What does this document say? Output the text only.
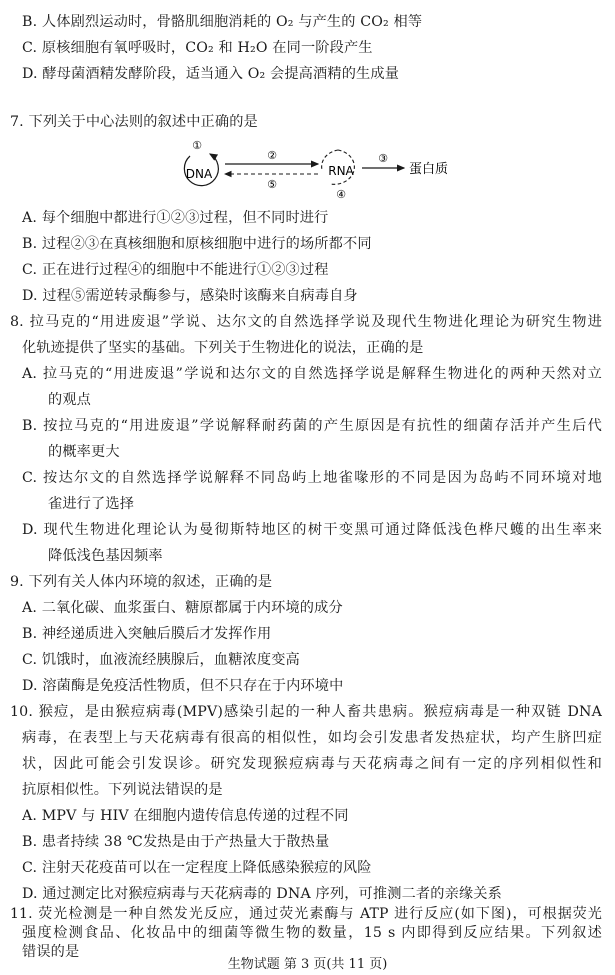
B. 人体剧烈运动时，骨骼肌细胞消耗的 O₂ 与产生的 CO₂ 相等
C. 原核细胞有氧呼吸时，CO₂ 和 H₂O 在同一阶段产生
D. 酵母菌酒精发酵阶段，适当通入 O₂ 会提高酒精的生成量
7. 下列关于中心法则的叙述中正确的是
DNA
①
②
⑤
RNA
④
③
蛋白质
A. 每个细胞中都进行①②③过程，但不同时进行
B. 过程②③在真核细胞和原核细胞中进行的场所都不同
C. 正在进行过程④的细胞中不能进行①②③过程
D. 过程⑤需逆转录酶参与，感染时该酶来自病毒自身
8. 拉马克的“用进废退”学说、达尔文的自然选择学说及现代生物进化理论为研究生物进
化轨迹提供了坚实的基础。下列关于生物进化的说法，正确的是
A. 拉马克的“用进废退”学说和达尔文的自然选择学说是解释生物进化的两种天然对立
的观点
B. 按拉马克的“用进废退”学说解释耐药菌的产生原因是有抗性的细菌存活并产生后代
的概率更大
C. 按达尔文的自然选择学说解释不同岛屿上地雀喙形的不同是因为岛屿不同环境对地
雀进行了选择
D. 现代生物进化理论认为曼彻斯特地区的树干变黑可通过降低浅色桦尺蠖的出生率来
降低浅色基因频率
9. 下列有关人体内环境的叙述，正确的是
A. 二氧化碳、血浆蛋白、糖原都属于内环境的成分
B. 神经递质进入突触后膜后才发挥作用
C. 饥饿时，血液流经胰腺后，血糖浓度变高
D. 溶菌酶是免疫活性物质，但不只存在于内环境中
10. 猴痘，是由猴痘病毒(MPV)感染引起的一种人畜共患病。猴痘病毒是一种双链 DNA
病毒，在表型上与天花病毒有很高的相似性，如均会引发患者发热症状，均产生脐凹症
状，因此可能会引发误诊。研究发现猴痘病毒与天花病毒之间有一定的序列相似性和
抗原相似性。下列说法错误的是
A. MPV 与 HIV 在细胞内遗传信息传递的过程不同
B. 患者持续 38 ℃发热是由于产热量大于散热量
C. 注射天花疫苗可以在一定程度上降低感染猴痘的风险
D. 通过测定比对猴痘病毒与天花病毒的 DNA 序列，可推测二者的亲缘关系
11. 荧光检测是一种自然发光反应，通过荧光素酶与 ATP 进行反应(如下图)，可根据荧光
强度检测食品、化妆品中的细菌等微生物的数量，15 s 内即得到反应结果。下列叙述
生物试题 第 3 页(共 11 页)
错误的是
